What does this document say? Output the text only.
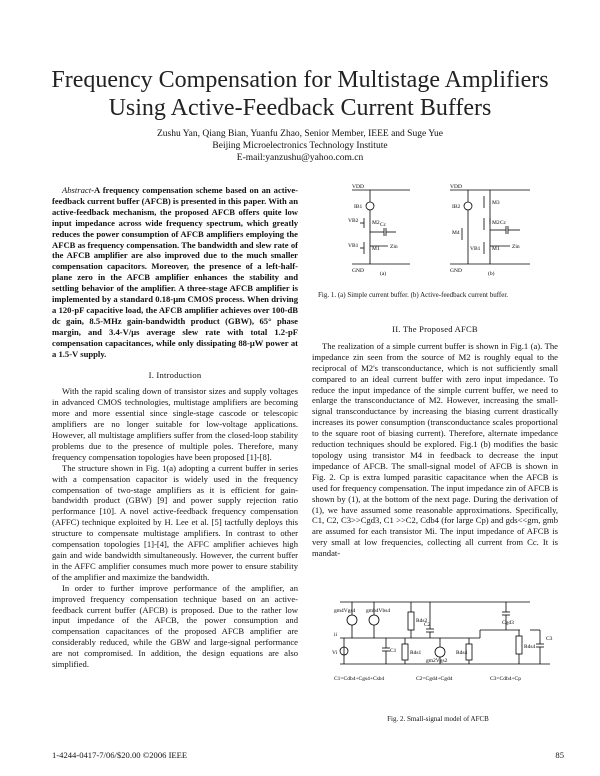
Frequency Compensation for Multistage Amplifiers
Using Active-Feedback Current Buffers
Zushu Yan, Qiang Bian, Yuanfu Zhao, Senior Member, IEEE and Suge Yue
Beijing Microelectronics Technology Institute
E-mail:yanzushu@yahoo.com.cn

Abstract-A frequency compensation scheme based on an active-feedback current buffer (AFCB) is presented in this paper. With an active-feedback mechanism, the proposed AFCB offers quite low input impedance across wide frequency spectrum, which greatly reduces the power consumption of AFCB amplifiers employing the AFCB as frequency compensation. The bandwidth and slew rate of the AFCB amplifier are also improved due to the much smaller compensation capacitors. Moreover, the presence of a left-half-plane zero in the AFCB amplifier enhances the stability and settling behavior of the amplifier. A three-stage AFCB amplifier is implemented by a standard 0.18-μm CMOS process. When driving a 120-pF capacitive load, the AFCB amplifier achieves over 100-dB dc gain, 8.5-MHz gain-bandwidth product (GBW), 65° phase margin, and 3.4-V/μs average slew rate with total 1.2-pF compensation capacitances, while only dissipating 88-μW power at a 1.5-V supply.

I. Introduction

With the rapid scaling down of transistor sizes and supply voltages in advanced CMOS technologies, multistage amplifiers are becoming more and more essential since single-stage cascode or telescopic amplifiers are no longer suitable for low-voltage applications. However, all multistage amplifiers suffer from the closed-loop stability problems due to the presence of multiple poles. Therefore, many frequency compensation topologies have been proposed [1]-[8].

The structure shown in Fig. 1(a) adopting a current buffer in series with a compensation capacitor is widely used in the frequency compensation of two-stage amplifiers as it is efficient for gain-bandwidth product (GBW) [9] and power supply rejection ratio performance [10]. A novel active-feedback frequency compensation (AFFC) technique exploited by H. Lee et al. [5] tactfully deploys this structure to compensate multistage amplifiers. In contrast to other compensation topologies [1]-[4], the AFFC amplifier achieves high gain and wide bandwidth simultaneously. However, the current buffer in the AFFC amplifier consumes much more power to ensure stability of the amplifier and maximize the bandwidth.

In order to further improve performance of the amplifier, an improved frequency compensation technique based on an active-feedback current buffer (AFCB) is proposed. Due to the rather low input impedance of the AFCB, the power consumption and compensation capacitances of the proposed AFCB amplifier are considerably reduced, while the GBW and large-signal performance are not compromised. In addition, the design equations are also simplified.

VDD
GND
IB1
VB2 M2 Cc
VB1 M1 Zin
(a)
VDD
GND
IB2
M3
M2 Cc
M4
VB1 M1 Zin
(b)
Fig. 1. (a) Simple current buffer. (b) Active-feedback current buffer.
II. The Proposed AFCB

The realization of a simple current buffer is shown in Fig.1 (a). The impedance zin seen from the source of M2 is roughly equal to the reciprocal of M2's transconductance, which is not sufficiently small compared to an ideal current buffer with zero input impedance. To reduce the input impedance of the simple current buffer, we need to enlarge the transconductance of M2. However, increasing the small-signal transconductance by increasing the biasing current drastically increases its power consumption (transconductance scales proportional to the square root of biasing current). Therefore, alternate impedance reduction techniques should be explored. Fig.1 (b) modifies the basic topology using transistor M4 in feedback to decrease the input impedance of AFCB. The small-signal model of AFCB is shown in Fig. 2. Cp is extra lumped parasitic capacitance when the AFCB is used for frequency compensation. The input impedance zin of AFCB is shown by (1), at the bottom of the next page. During the derivation of (1), we have assumed some reasonable approximations. Specifically, C1, C2, C3>>Cgd3, C1 >>C2, Cdb4 (for large Cp) and gds<<gm, gmb are assumed for each transistor Mi. The input impedance of AFCB is very small at low frequencies, collecting all current from Cc. It is mandat-

gm4Vgs4 gmb4Vbs4
Rds2	Cgd3
ii
Vi	C1 Rds1
C2
gm2Vgs2
Rds4
Rds4
C3
C1=Cdb4+Cgs4+Csb4	C2=Cgd4+Cgd4	C3=Cdb4+Cp
Fig. 2. Small-signal model of AFCB
1-4244-0417-7/06/$20.00 ©2006 IEEE	85
